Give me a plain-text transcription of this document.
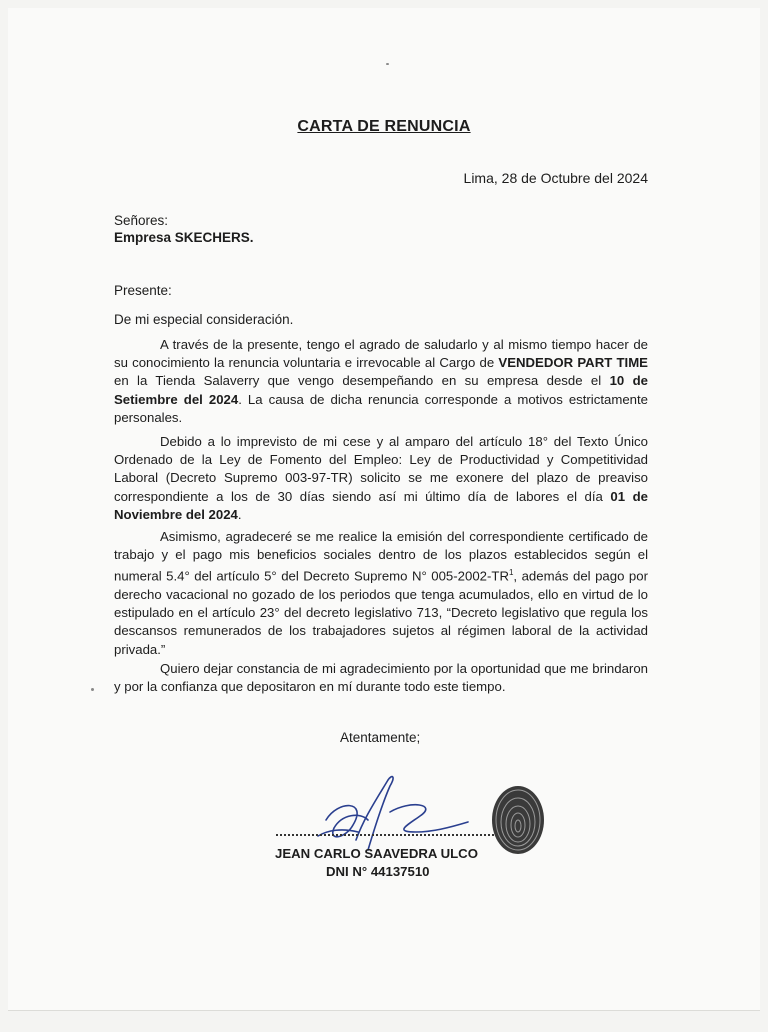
CARTA DE RENUNCIA
Lima, 28 de Octubre del 2024
Señores:
Empresa SKECHERS.
Presente:
De mi especial consideración.
A través de la presente, tengo el agrado de saludarlo y al mismo tiempo hacer de su conocimiento la renuncia voluntaria e irrevocable al Cargo de VENDEDOR PART TIME en la Tienda Salaverry que vengo desempeñando en su empresa desde el 10 de Setiembre del 2024. La causa de dicha renuncia corresponde a motivos estrictamente personales.
Debido a lo imprevisto de mi cese y al amparo del artículo 18° del Texto Único Ordenado de la Ley de Fomento del Empleo: Ley de Productividad y Competitividad Laboral (Decreto Supremo 003-97-TR) solicito se me exonere del plazo de preaviso correspondiente a los de 30 días siendo así mi último día de labores el día 01 de Noviembre del 2024.
Asimismo, agradeceré se me realice la emisión del correspondiente certificado de trabajo y el pago mis beneficios sociales dentro de los plazos establecidos según el numeral 5.4° del artículo 5° del Decreto Supremo N° $005-2002-TR^1$, además del pago por derecho vacacional no gozado de los periodos que tenga acumulados, ello en virtud de lo estipulado en el artículo 23° del decreto legislativo 713, “Decreto legislativo que regula los descansos remunerados de los trabajadores sujetos al régimen laboral de la actividad privada.”
Quiero dejar constancia de mi agradecimiento por la oportunidad que me brindaron y por la confianza que depositaron en mí durante todo este tiempo.
Atentamente;
JEAN CARLO SAAVEDRA ULCO
DNI N° 44137510
